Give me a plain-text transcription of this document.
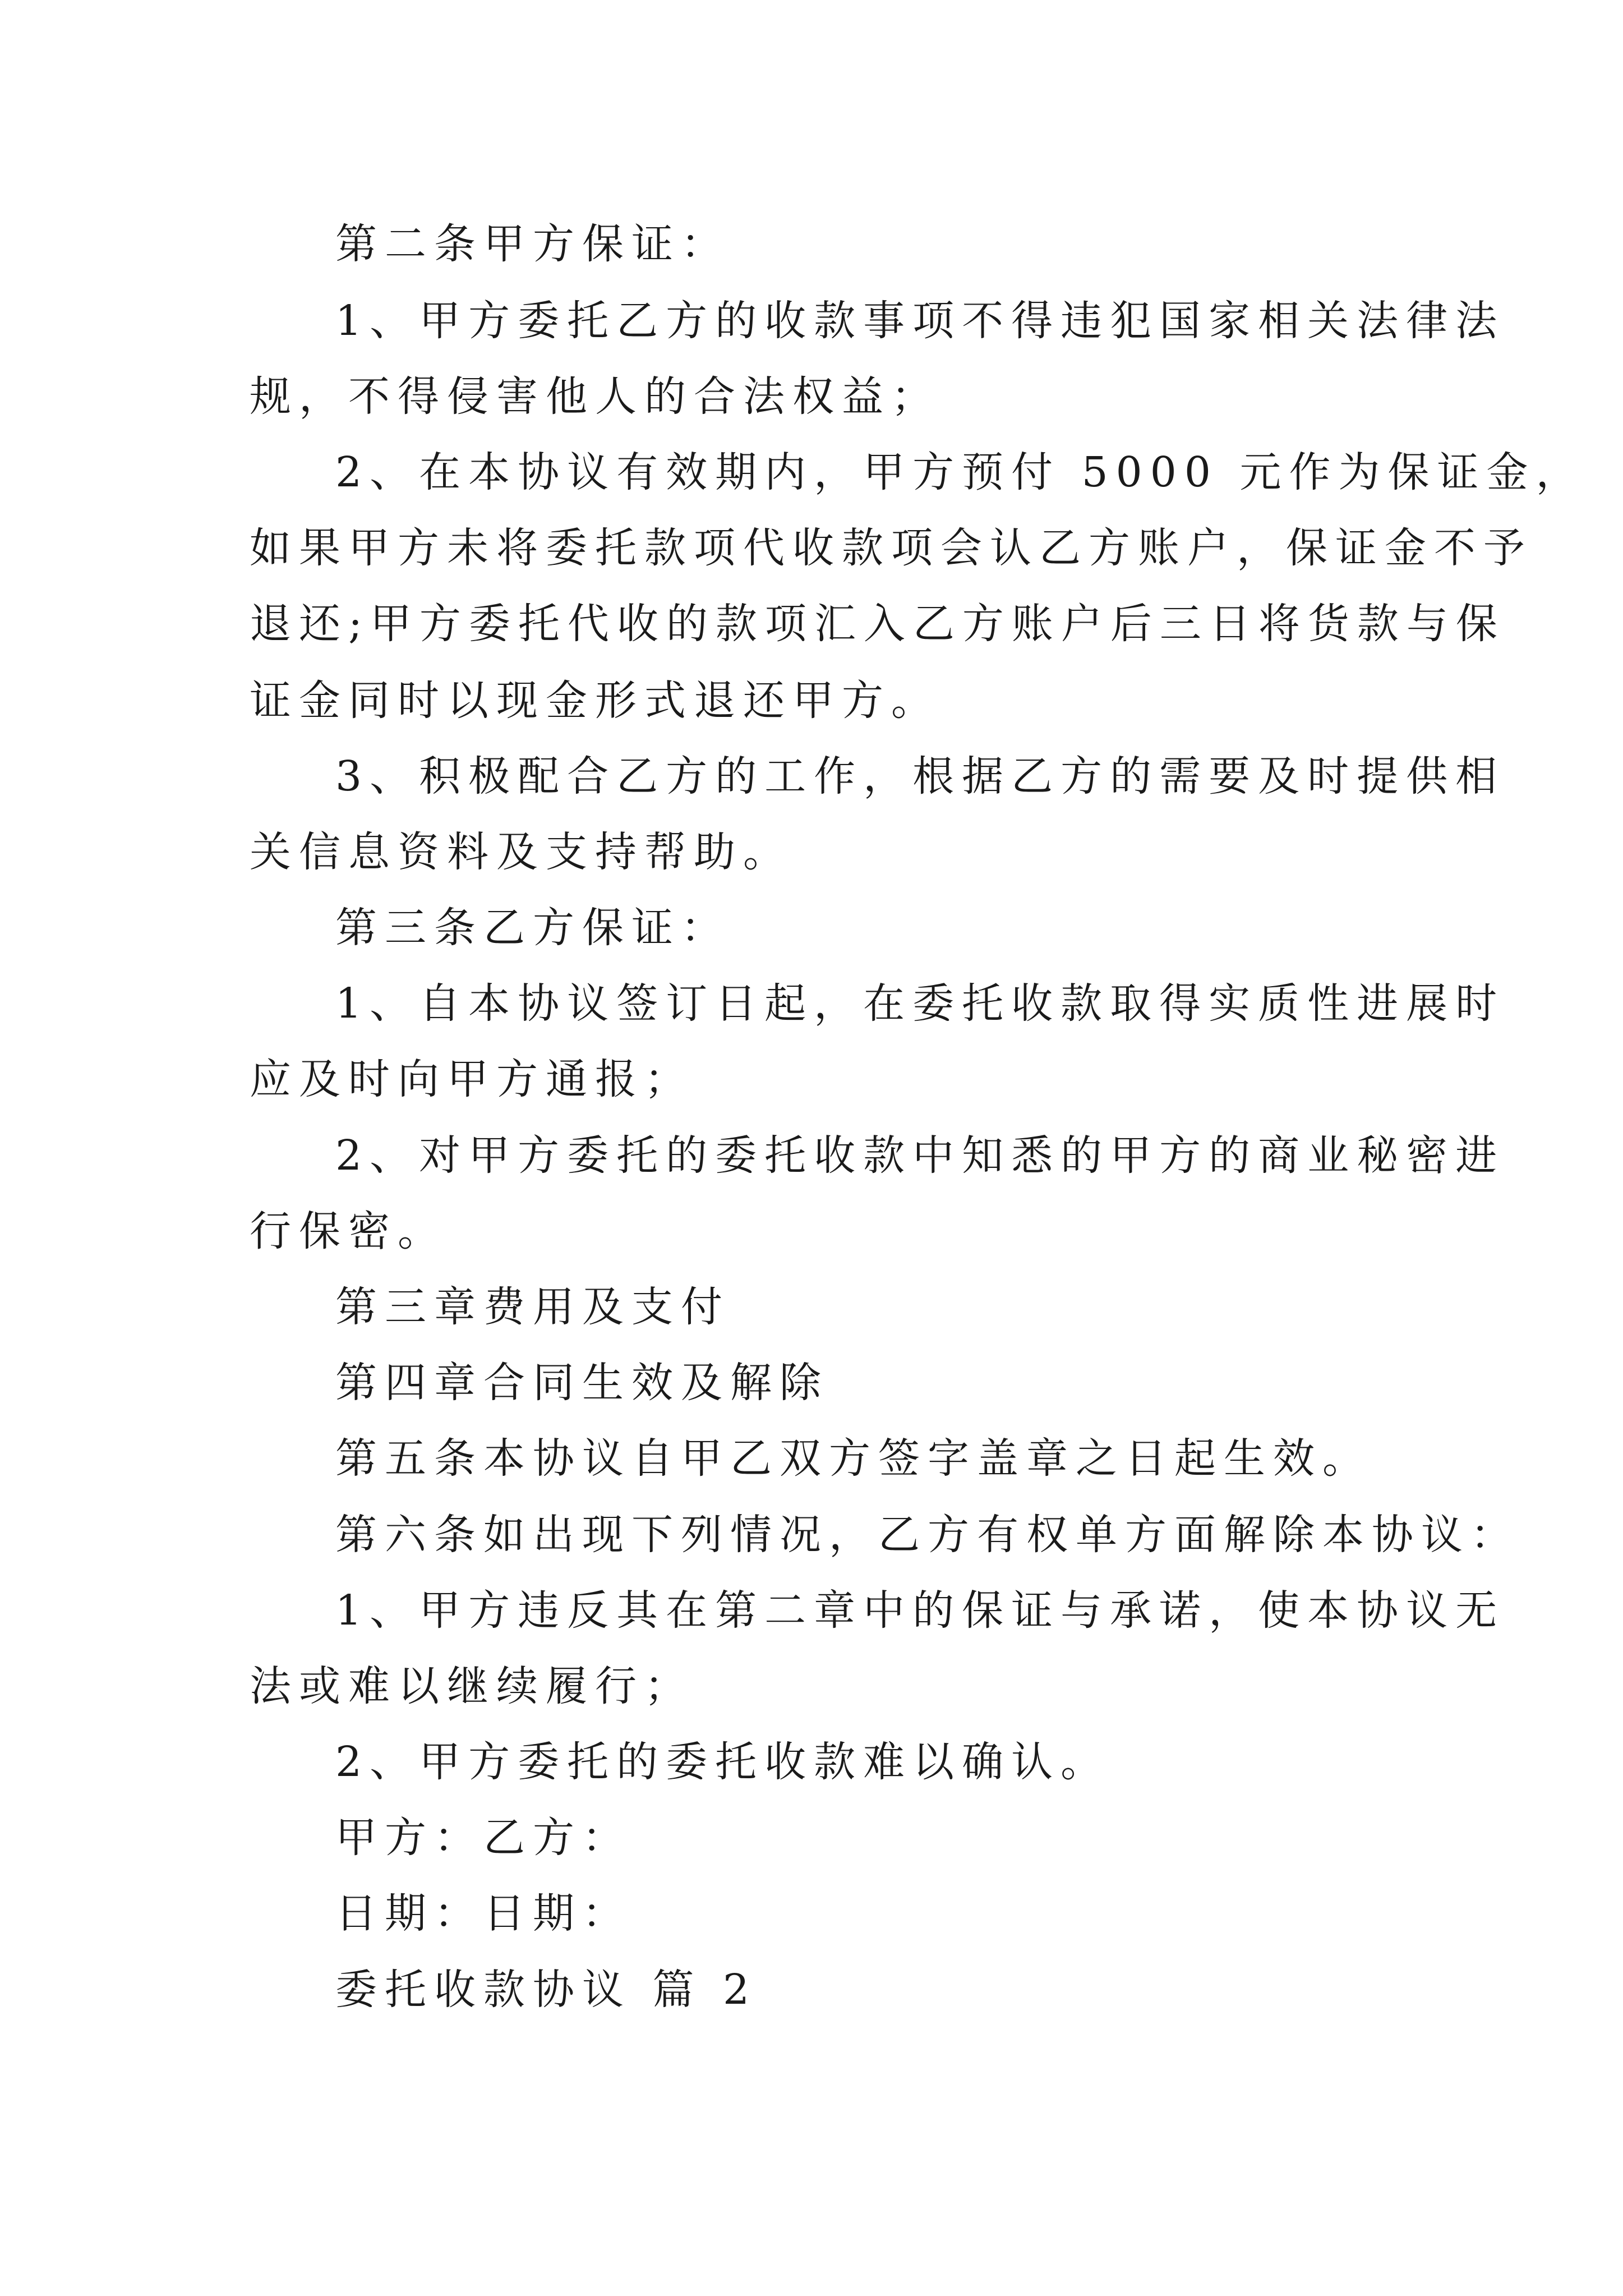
第二条甲方保证：

1、甲方委托乙方的收款事项不得违犯国家相关法律法

规，不得侵害他人的合法权益；

2、在本协议有效期内，甲方预付 5000 元作为保证金，

如果甲方未将委托款项代收款项会认乙方账户，保证金不予

退还;甲方委托代收的款项汇入乙方账户后三日将货款与保

证金同时以现金形式退还甲方。

3、积极配合乙方的工作，根据乙方的需要及时提供相

关信息资料及支持帮助。

第三条乙方保证：

1、自本协议签订日起，在委托收款取得实质性进展时

应及时向甲方通报；

2、对甲方委托的委托收款中知悉的甲方的商业秘密进

行保密。

第三章费用及支付

第四章合同生效及解除

第五条本协议自甲乙双方签字盖章之日起生效。

第六条如出现下列情况，乙方有权单方面解除本协议：

1、甲方违反其在第二章中的保证与承诺，使本协议无

法或难以继续履行；

2、甲方委托的委托收款难以确认。

甲方：乙方：

日期：日期：

委托收款协议 篇 2
